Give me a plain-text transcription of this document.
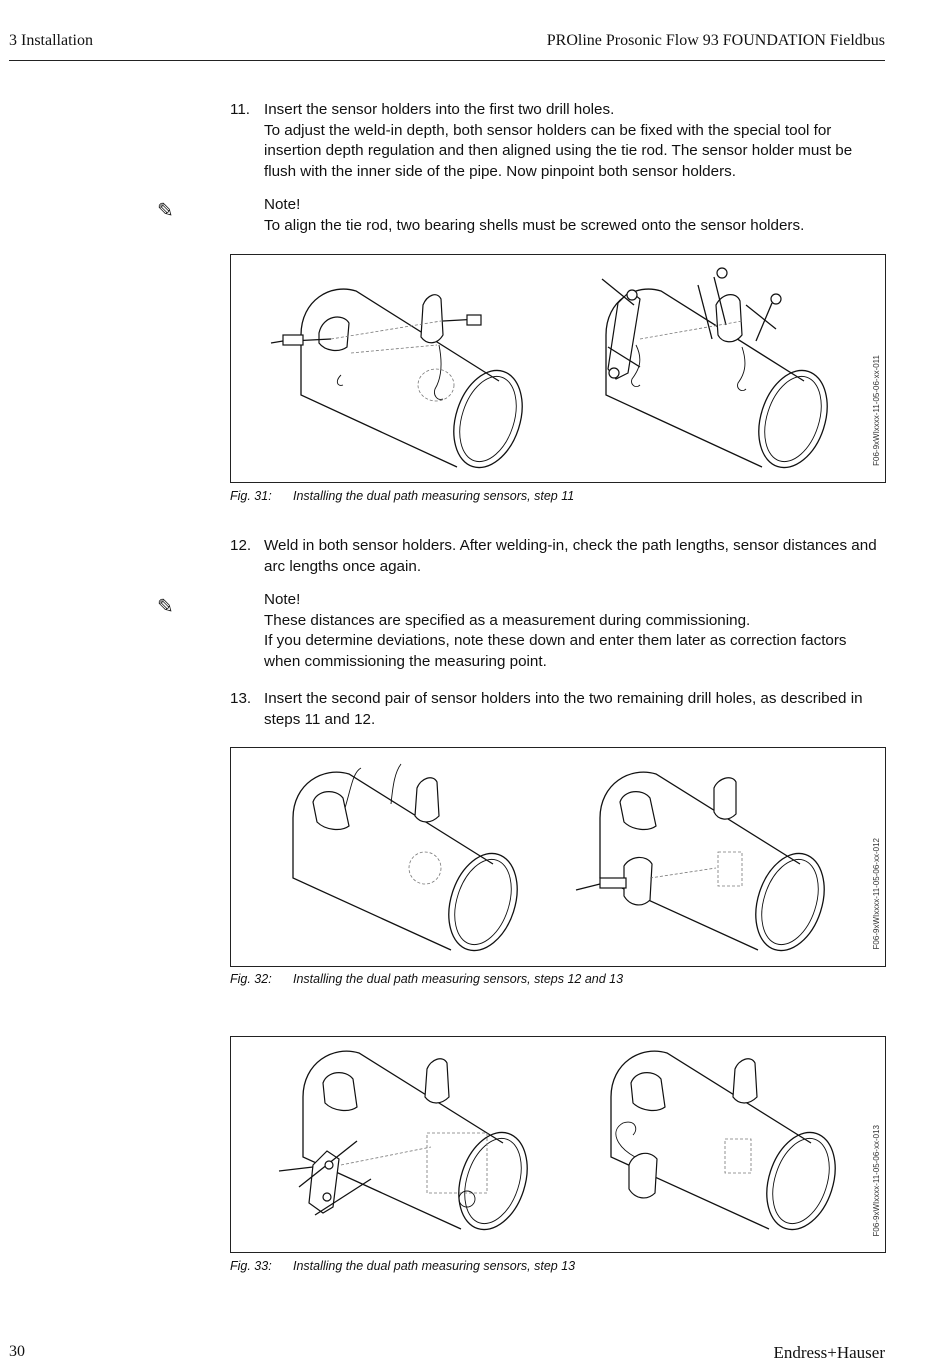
3 Installation	PROline Prosonic Flow 93 FOUNDATION Fieldbus
11. Insert the sensor holders into the first two drill holes.
To adjust the weld-in depth, both sensor holders can be fixed with the special tool for insertion depth regulation and then aligned using the tie rod. The sensor holder must be flush with the inner side of the pipe. Now pinpoint both sensor holders.
✎	Note!
To align the tie rod, two bearing shells must be screwed onto the sensor holders.
F06-9xWIxxxx-11-05-06-xx-011
Fig. 31: Installing the dual path measuring sensors, step 11
12. Weld in both sensor holders. After welding-in, check the path lengths, sensor distances and arc lengths once again.
✎	Note!
These distances are specified as a measurement during commissioning.
If you determine deviations, note these down and enter them later as correction factors when commissioning the measuring point.
13. Insert the second pair of sensor holders into the two remaining drill holes, as described in steps 11 and 12.
F06-9xWIxxxx-11-05-06-xx-012
Fig. 32: Installing the dual path measuring sensors, steps 12 and 13
F06-9xWIxxxx-11-05-06-xx-013
Fig. 33: Installing the dual path measuring sensors, step 13
30	Endress+Hauser
